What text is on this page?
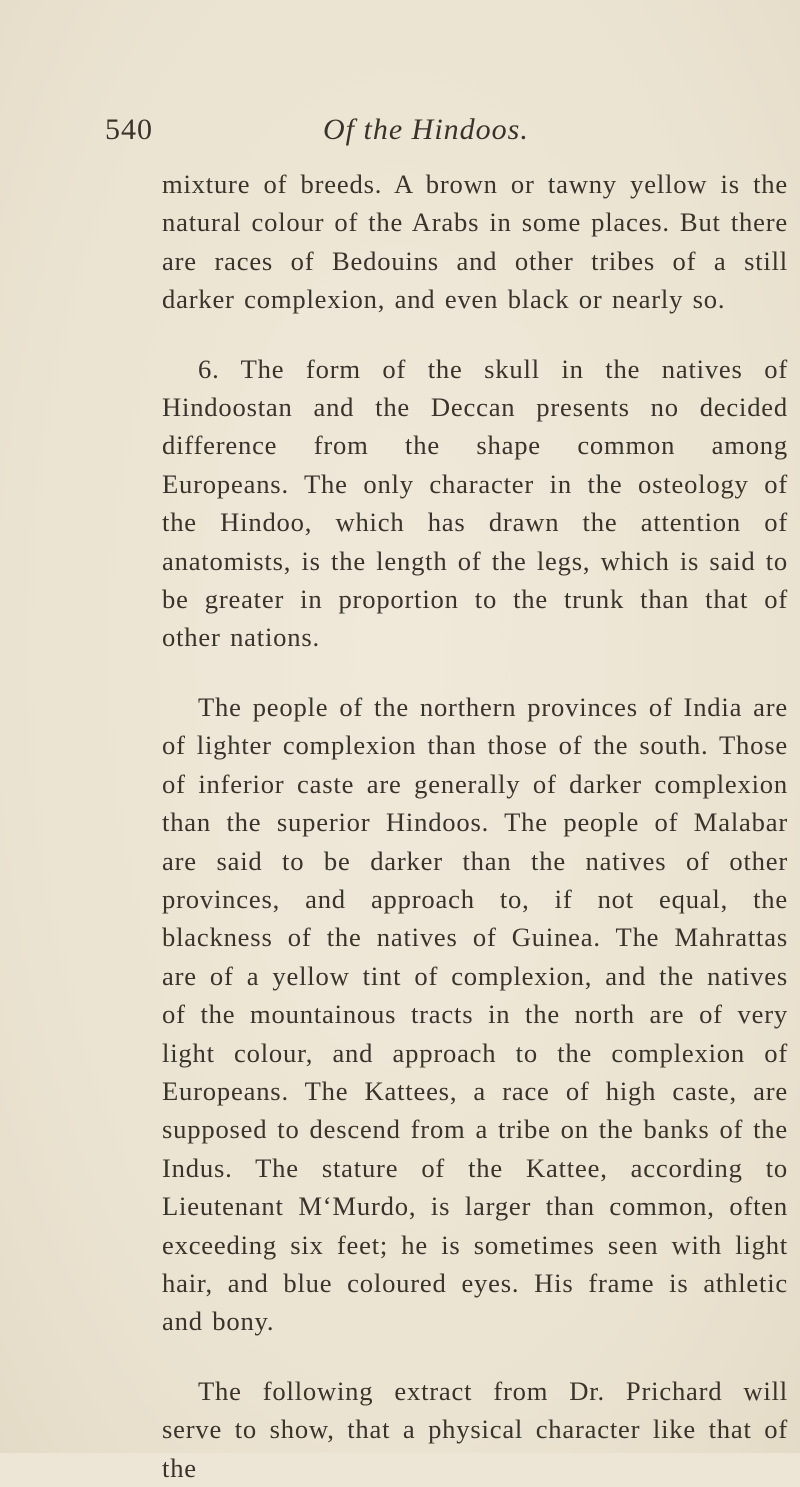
540	Of the Hindoos.

mixture of breeds. A brown or tawny yellow is the natural colour of the Arabs in some places. But there are races of Bedouins and other tribes of a still darker complexion, and even black or nearly so.

6. The form of the skull in the natives of Hindoostan and the Deccan presents no decided difference from the shape common among Europeans. The only character in the osteology of the Hindoo, which has drawn the attention of anatomists, is the length of the legs, which is said to be greater in proportion to the trunk than that of other nations.

The people of the northern provinces of India are of lighter complexion than those of the south. Those of inferior caste are generally of darker complexion than the superior Hindoos. The people of Malabar are said to be darker than the natives of other provinces, and approach to, if not equal, the blackness of the natives of Guinea. The Mahrattas are of a yellow tint of complexion, and the natives of the mountainous tracts in the north are of very light colour, and approach to the complexion of Europeans. The Kattees, a race of high caste, are supposed to descend from a tribe on the banks of the Indus. The stature of the Kattee, according to Lieutenant M‘Murdo, is larger than common, often exceeding six feet; he is sometimes seen with light hair, and blue coloured eyes. His frame is athletic and bony.

The following extract from Dr. Prichard will serve to show, that a physical character like that of the
